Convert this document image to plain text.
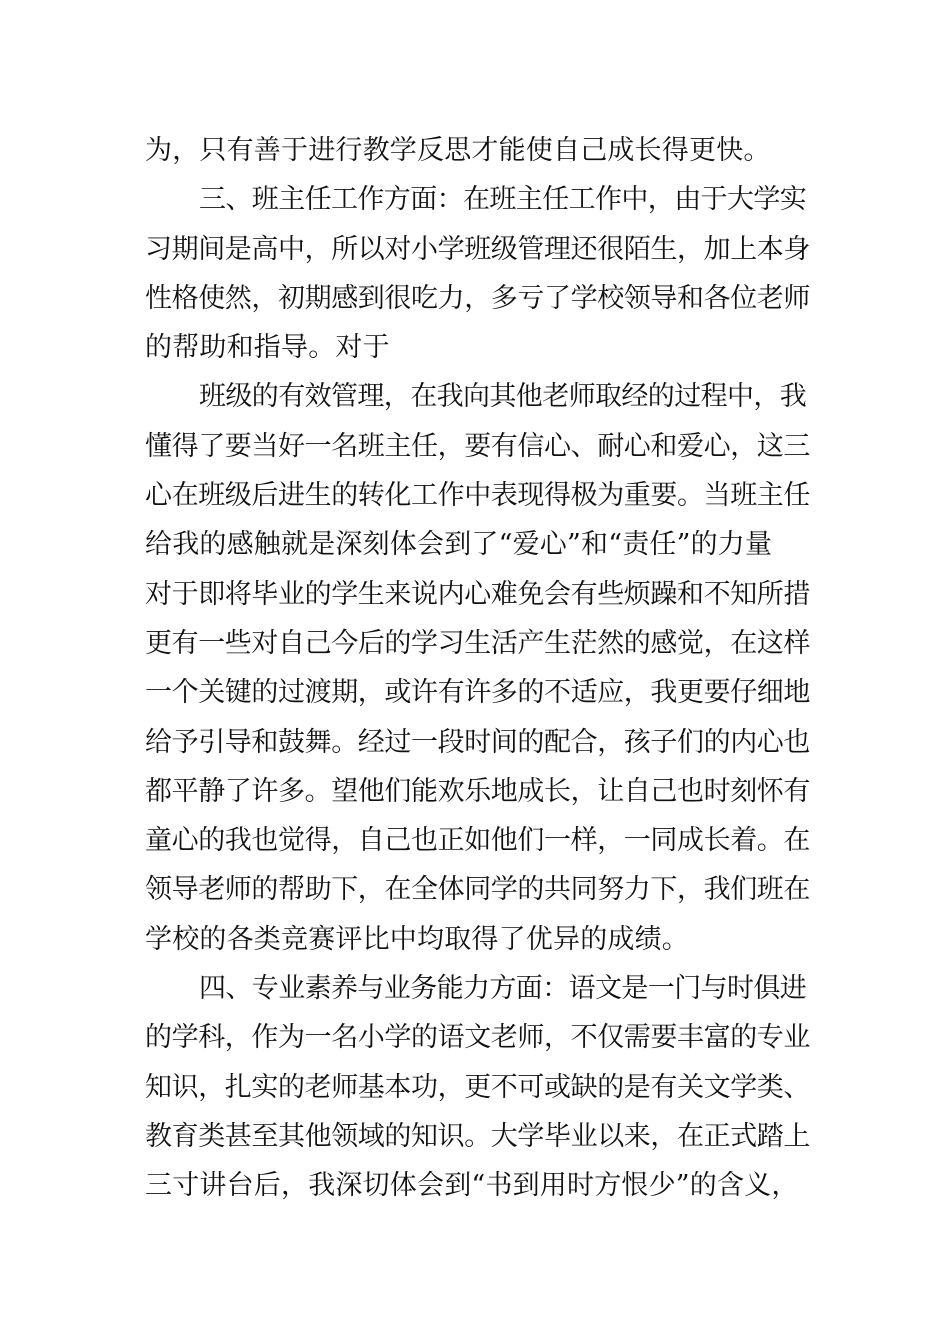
为，只有善于进行教学反思才能使自己成长得更快。
三、班主任工作方面：在班主任工作中，由于大学实
习期间是高中，所以对小学班级管理还很陌生，加上本身
性格使然，初期感到很吃力，多亏了学校领导和各位老师
的帮助和指导。对于
班级的有效管理，在我向其他老师取经的过程中，我
懂得了要当好一名班主任，要有信心、耐心和爱心，这三
心在班级后进生的转化工作中表现得极为重要。当班主任
给我的感触就是深刻体会到了“爱心”和“责任”的力量
对于即将毕业的学生来说内心难免会有些烦躁和不知所措
更有一些对自己今后的学习生活产生茫然的感觉，在这样
一个关键的过渡期，或许有许多的不适应，我更要仔细地
给予引导和鼓舞。经过一段时间的配合，孩子们的内心也
都平静了许多。望他们能欢乐地成长，让自己也时刻怀有
童心的我也觉得，自己也正如他们一样，一同成长着。在
领导老师的帮助下，在全体同学的共同努力下，我们班在
学校的各类竞赛评比中均取得了优异的成绩。
四、专业素养与业务能力方面：语文是一门与时俱进
的学科，作为一名小学的语文老师，不仅需要丰富的专业
知识，扎实的老师基本功，更不可或缺的是有关文学类、
教育类甚至其他领域的知识。大学毕业以来，在正式踏上
三寸讲台后，我深切体会到“书到用时方恨少”的含义，
